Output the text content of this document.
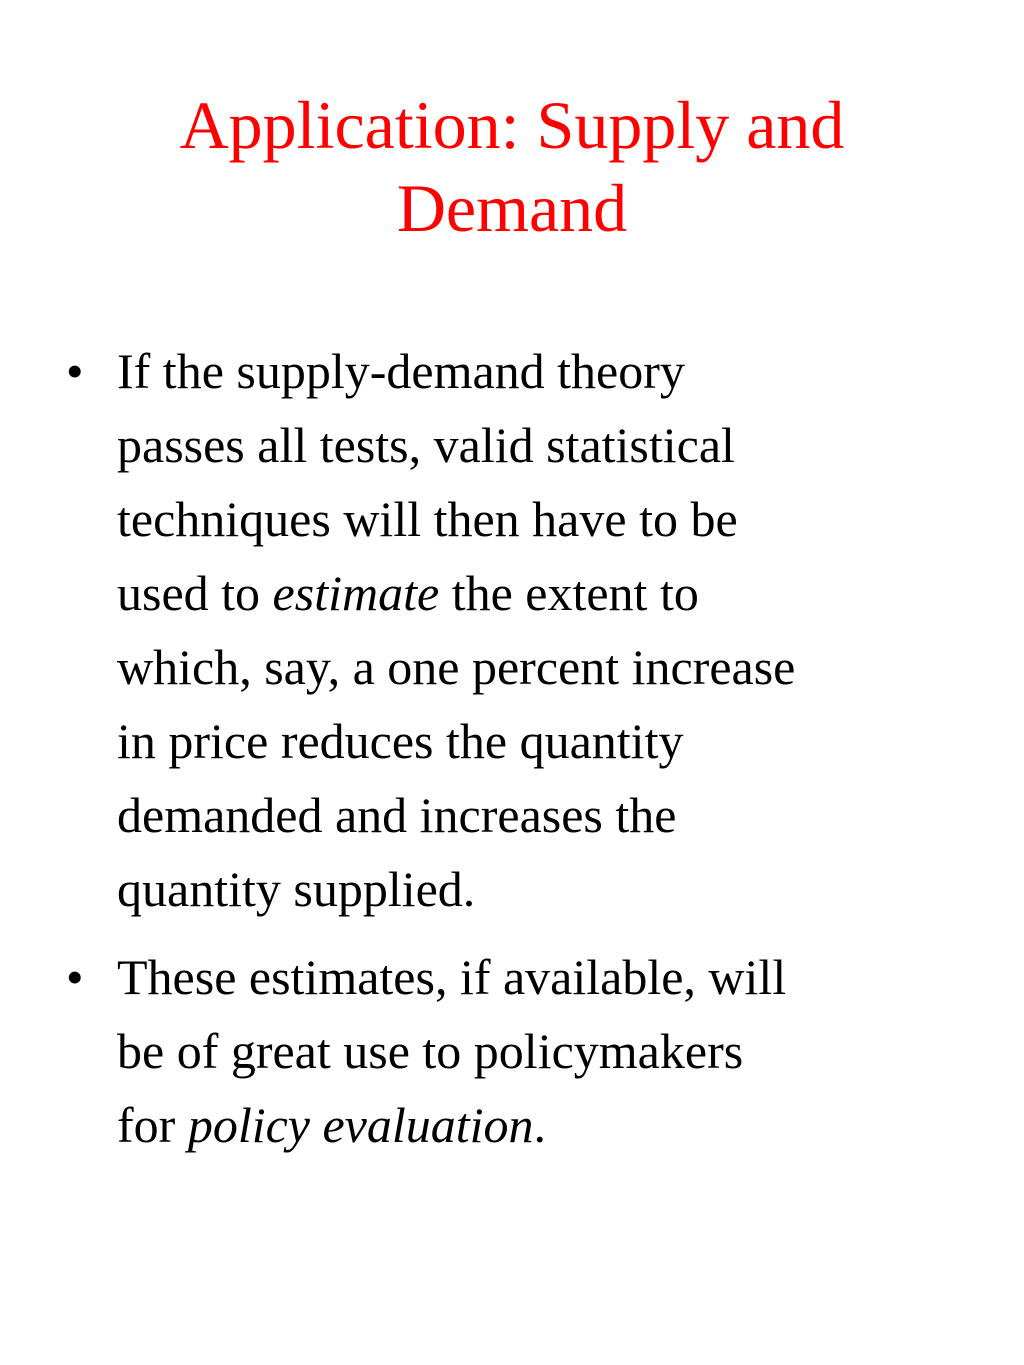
Application: Supply and
Demand
• If the supply-demand theory
passes all tests, valid statistical
techniques will then have to be
used to estimate the extent to
which, say, a one percent increase
in price reduces the quantity
demanded and increases the
quantity supplied.
• These estimates, if available, will
be of great use to policymakers
for policy evaluation.
